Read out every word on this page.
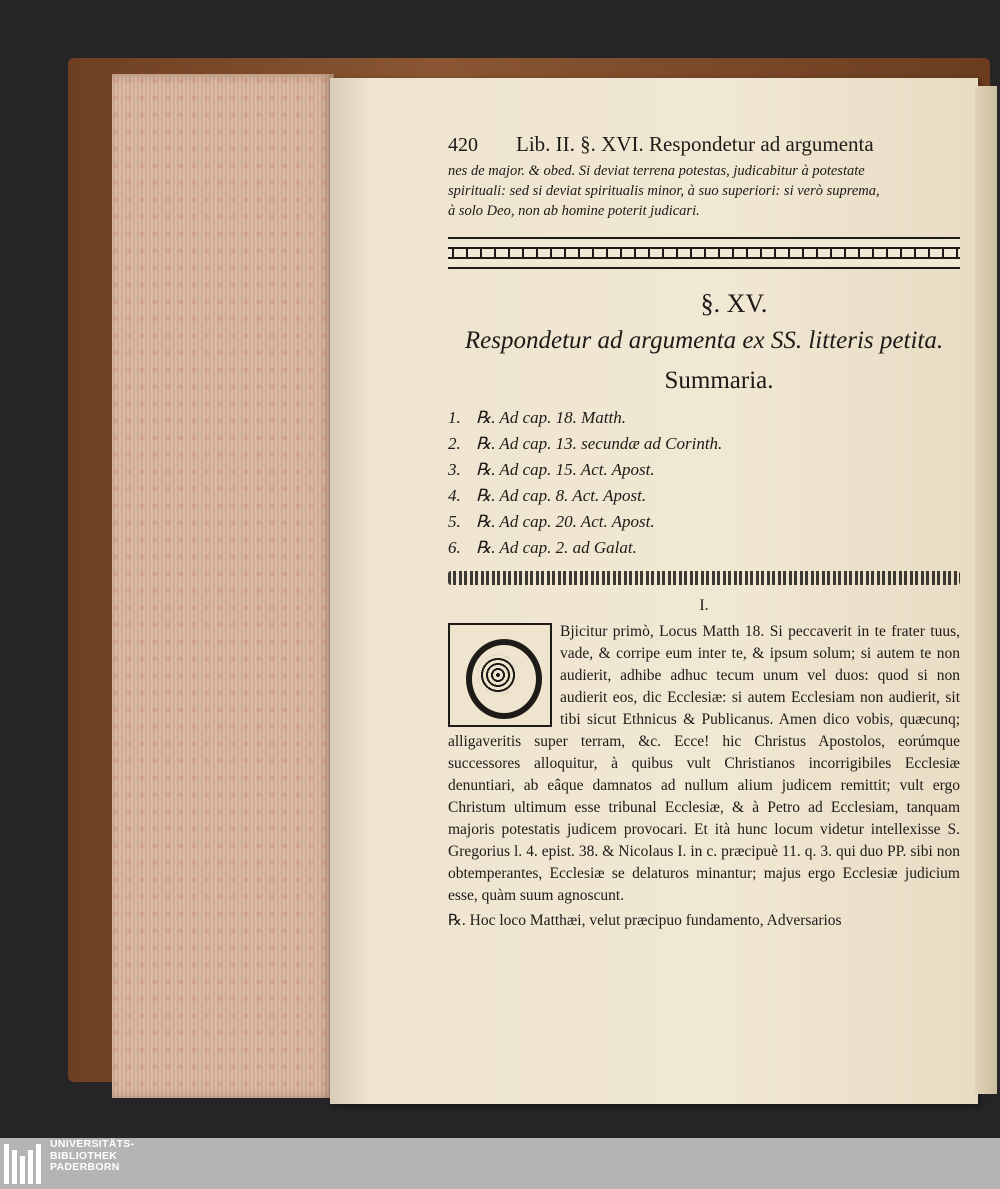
420	Lib. II. §. XVI. Respondetur ad argumenta
nes de major. & obed. Si deviat terrena potestas, judicabitur à potestate
spirituali: sed si deviat spiritualis minor, à suo superiori: si verò suprema,
à solo Deo, non ab homine poterit judicari.
§. XV.
Respondetur ad argumenta ex SS. litteris petita.
Summaria.
1. ℞. Ad cap. 18. Matth.
2. ℞. Ad cap. 13. secundæ ad Corinth.
3. ℞. Ad cap. 15. Act. Apost.
4. ℞. Ad cap. 8. Act. Apost.
5. ℞. Ad cap. 20. Act. Apost.
6. ℞. Ad cap. 2. ad Galat.
I.

Bjicitur primò, Locus Matth 18. Si peccaverit in te frater tuus, vade, & corripe eum inter te, & ipsum solum; si autem te non audierit, adhibe adhuc tecum unum vel duos: quod si non audierit eos, dic Ecclesiæ: si autem Ecclesiam non audierit, sit tibi sicut Ethnicus & Publicanus. Amen dico vobis, quæcunq; alligaveritis super terram, &c. Ecce! hic Christus Apostolos, eorúmque successores alloquitur, à quibus vult Christianos incorrigibiles Ecclesiæ denuntiari, ab eâque damnatos ad nullum alium judicem remittit; vult ergo Christum ultimum esse tribunal Ecclesiæ, & à Petro ad Ecclesiam, tanquam majoris potestatis judicem provocari. Et ità hunc locum videtur intellexisse S. Gregorius l. 4. epist. 38. & Nicolaus I. in c. præcipuè 11. q. 3. qui duo PP. sibi non obtemperantes, Ecclesiæ se delaturos minantur; majus ergo Ecclesiæ judicium esse, quàm suum agnoscunt.

℞. Hoc loco Matthæi, velut præcipuo fundamento, Adversarios
UNIVERSITÄTS-
BIBLIOTHEK
PADERBORN
